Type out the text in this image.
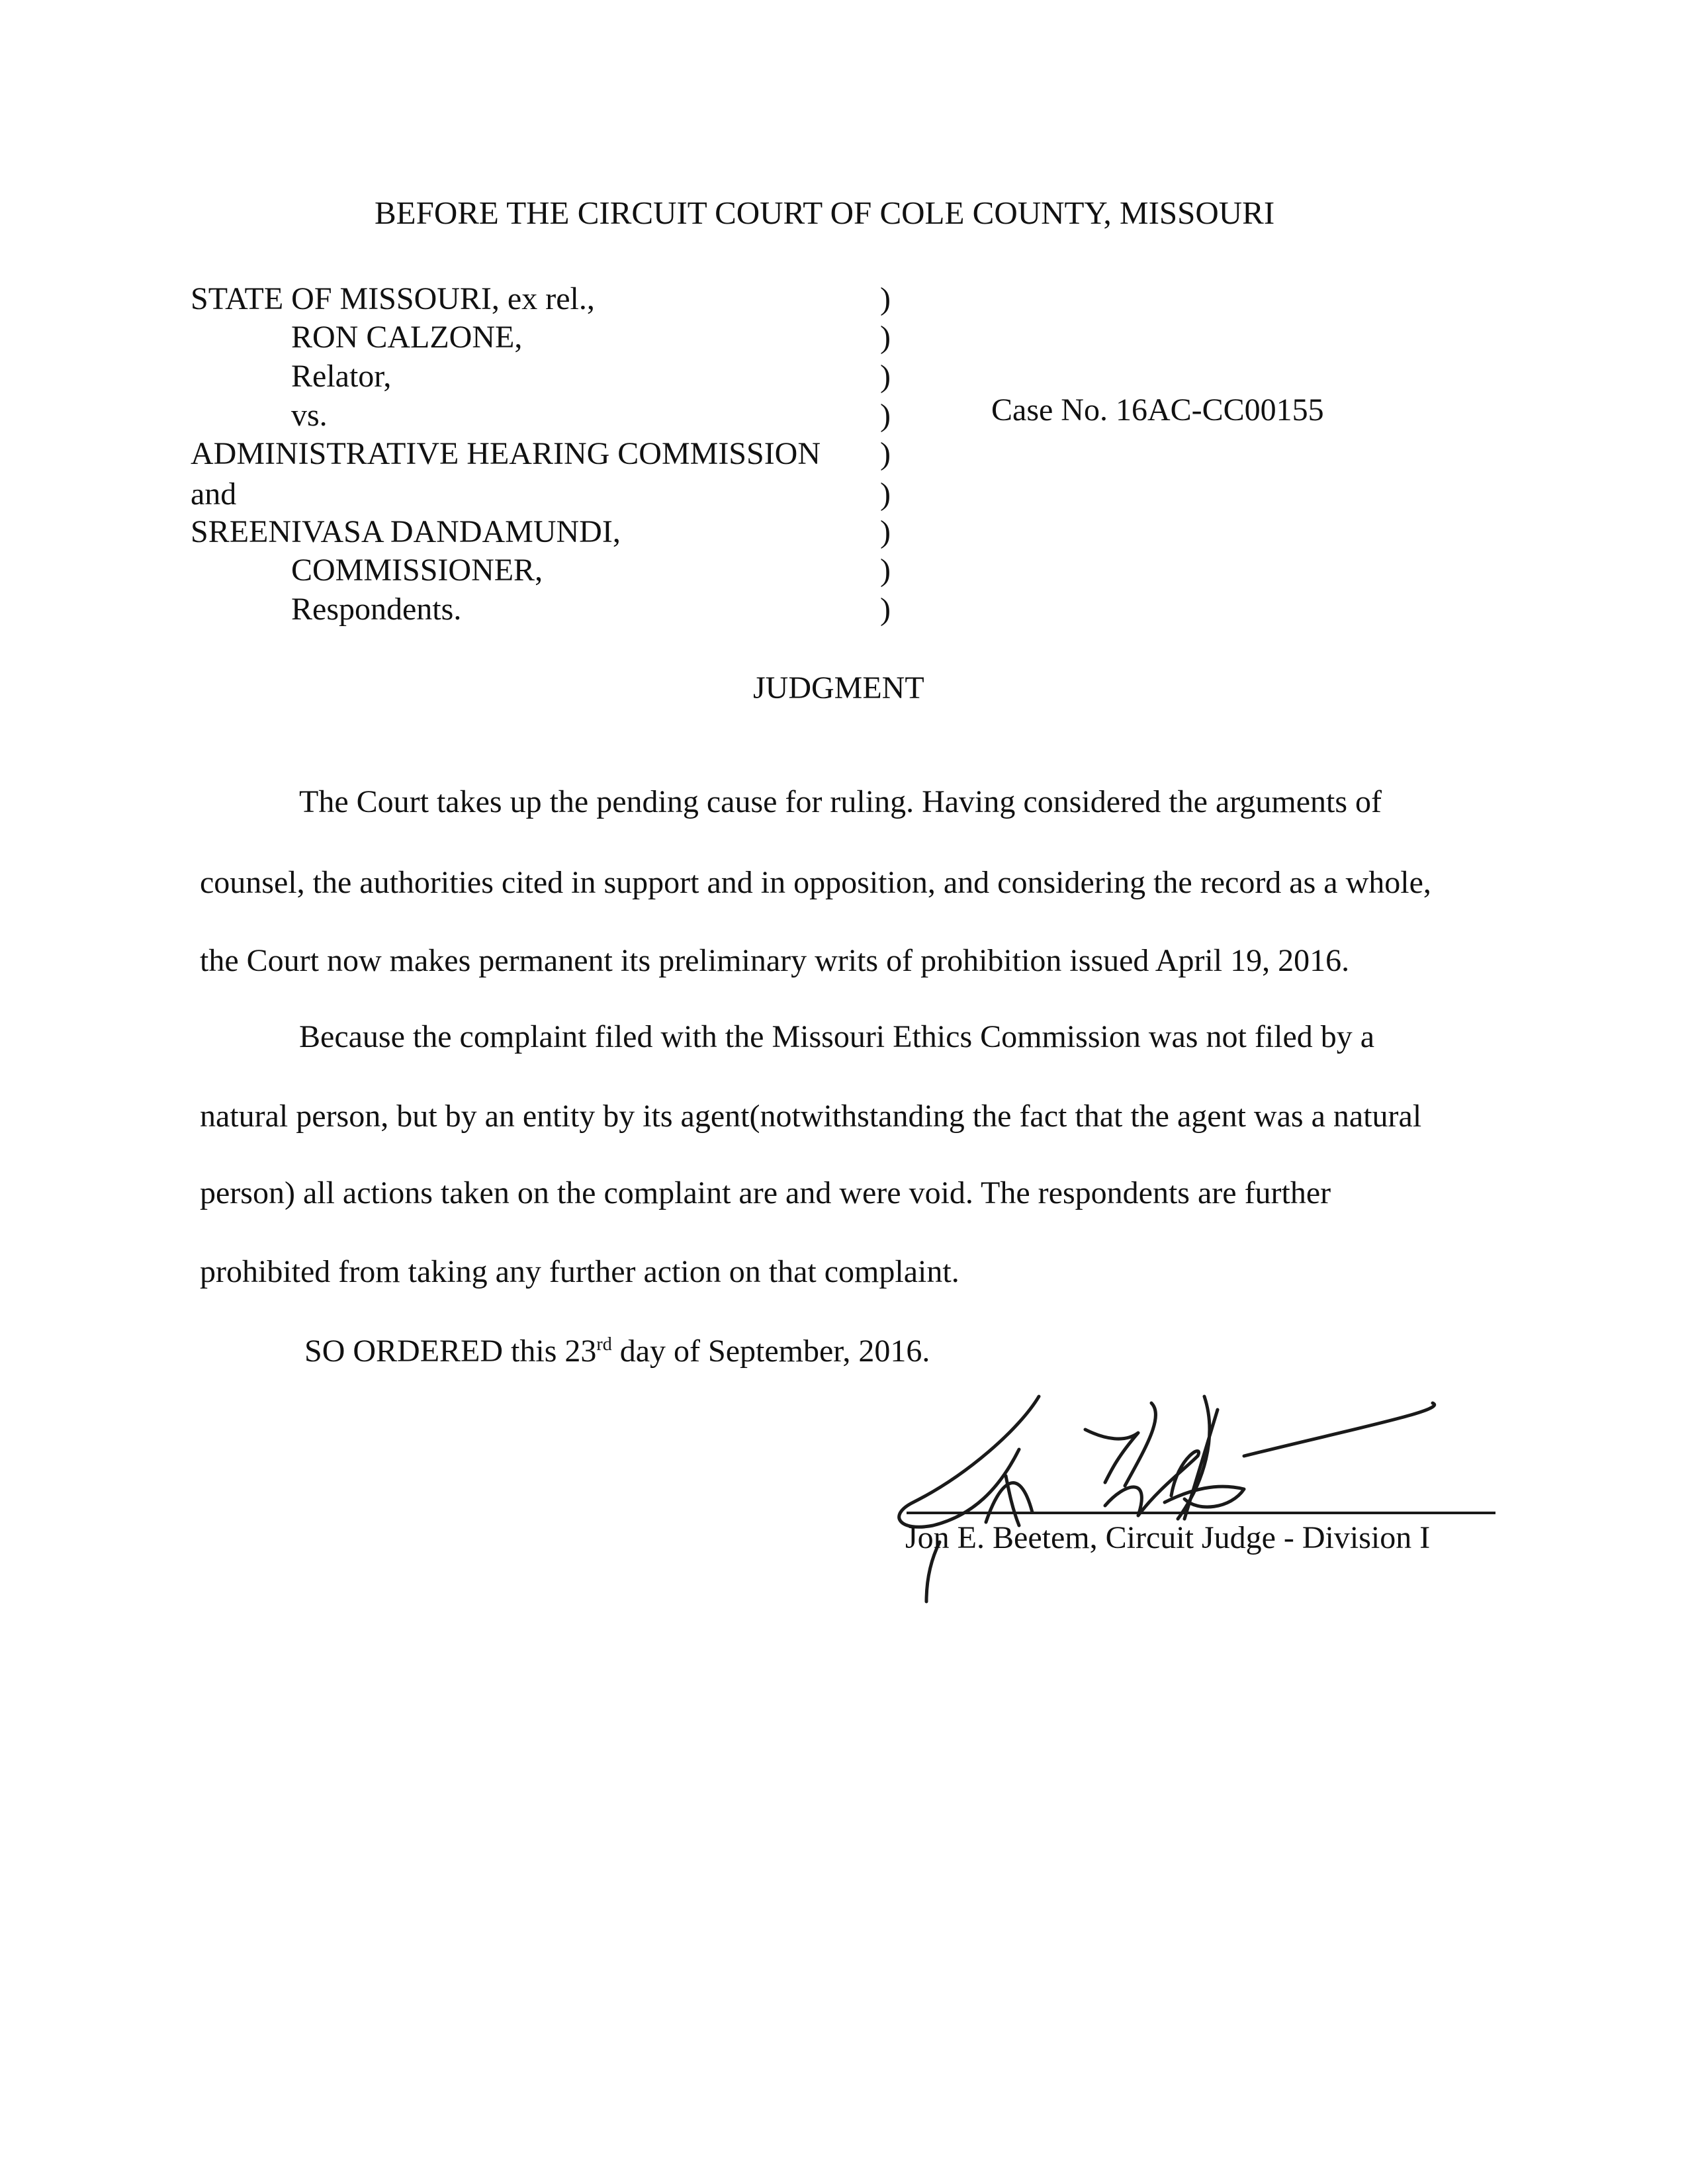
BEFORE THE CIRCUIT COURT OF COLE COUNTY, MISSOURI
STATE OF MISSOURI, ex rel.,
RON CALZONE,
Relator,
vs.
ADMINISTRATIVE HEARING COMMISSION
and
SREENIVASA DANDAMUNDI,
COMMISSIONER,
Respondents.
)
)
)
)
)
)
)
)
)
Case No. 16AC-CC00155
JUDGMENT
The Court takes up the pending cause for ruling. Having considered the arguments of
counsel, the authorities cited in support and in opposition, and considering the record as a whole,
the Court now makes permanent its preliminary writs of prohibition issued April 19, 2016.
Because the complaint filed with the Missouri Ethics Commission was not filed by a
natural person, but by an entity by its agent(notwithstanding the fact that the agent was a natural
person) all actions taken on the complaint are and were void. The respondents are further
prohibited from taking any further action on that complaint.
SO ORDERED this 23rd day of September, 2016.
Jon E. Beetem, Circuit Judge - Division I
